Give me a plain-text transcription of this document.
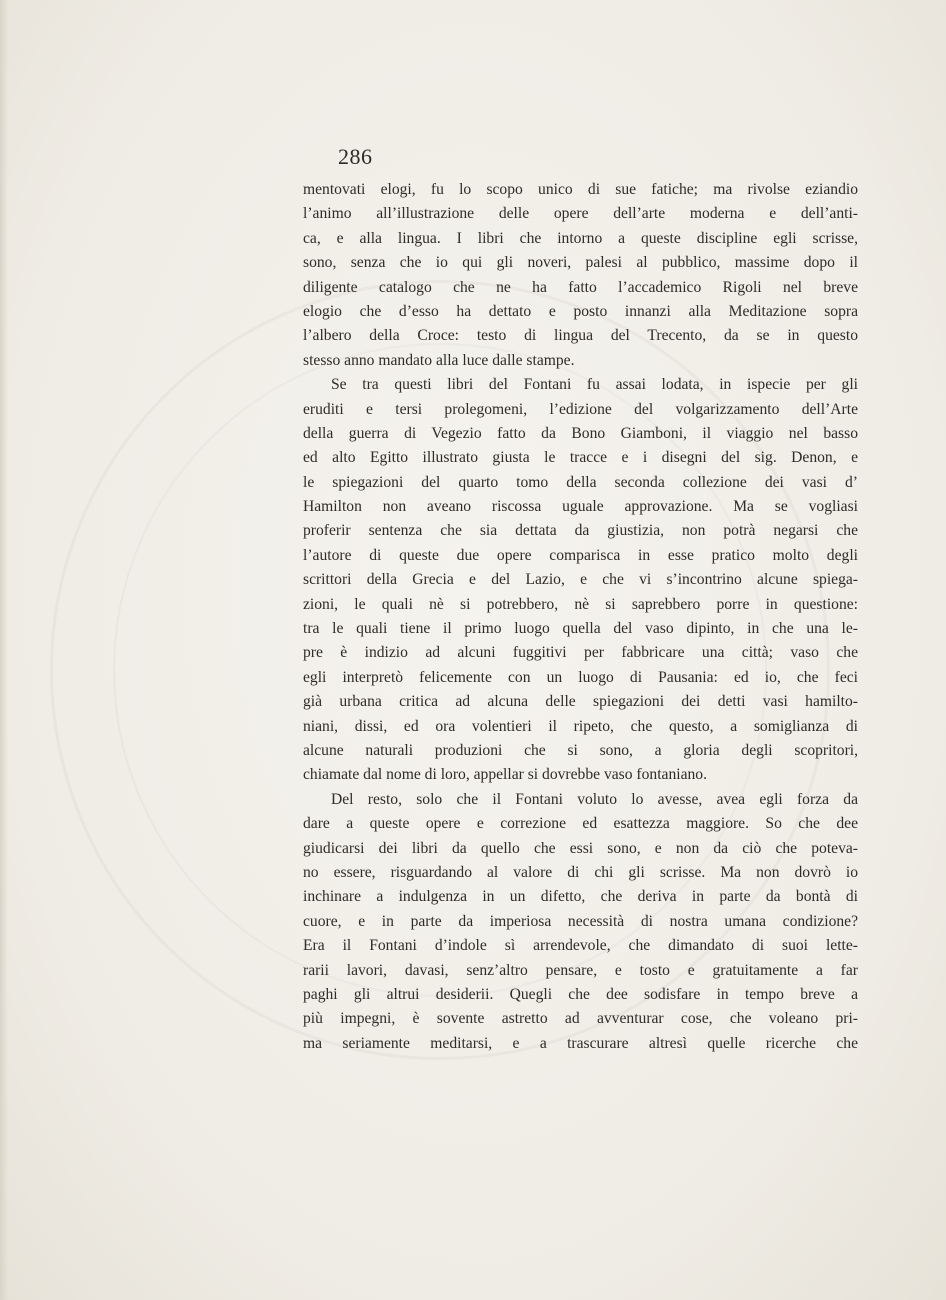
286
mentovati elogi, fu lo scopo unico di sue fatiche; ma rivolse eziandio
l’animo all’illustrazione delle opere dell’arte moderna e dell’anti-
ca, e alla lingua. I libri che intorno a queste discipline egli scrisse,
sono, senza che io qui gli noveri, palesi al pubblico, massime dopo il
diligente catalogo che ne ha fatto l’accademico Rigoli nel breve
elogio che d’esso ha dettato e posto innanzi alla Meditazione sopra
l’albero della Croce: testo di lingua del Trecento, da se in questo
stesso anno mandato alla luce dalle stampe.
Se tra questi libri del Fontani fu assai lodata, in ispecie per gli
eruditi e tersi prolegomeni, l’edizione del volgarizzamento dell’Arte
della guerra di Vegezio fatto da Bono Giamboni, il viaggio nel basso
ed alto Egitto illustrato giusta le tracce e i disegni del sig. Denon, e
le spiegazioni del quarto tomo della seconda collezione dei vasi d’
Hamilton non aveano riscossa uguale approvazione. Ma se vogliasi
proferir sentenza che sia dettata da giustizia, non potrà negarsi che
l’autore di queste due opere comparisca in esse pratico molto degli
scrittori della Grecia e del Lazio, e che vi s’incontrino alcune spiega-
zioni, le quali nè si potrebbero, nè si saprebbero porre in questione:
tra le quali tiene il primo luogo quella del vaso dipinto, in che una le-
pre è indizio ad alcuni fuggitivi per fabbricare una città; vaso che
egli interpretò felicemente con un luogo di Pausania: ed io, che feci
già urbana critica ad alcuna delle spiegazioni dei detti vasi hamilto-
niani, dissi, ed ora volentieri il ripeto, che questo, a somiglianza di
alcune naturali produzioni che si sono, a gloria degli scopritori,
chiamate dal nome di loro, appellar si dovrebbe vaso fontaniano.
Del resto, solo che il Fontani voluto lo avesse, avea egli forza da
dare a queste opere e correzione ed esattezza maggiore. So che dee
giudicarsi dei libri da quello che essi sono, e non da ciò che poteva-
no essere, risguardando al valore di chi gli scrisse. Ma non dovrò io
inchinare a indulgenza in un difetto, che deriva in parte da bontà di
cuore, e in parte da imperiosa necessità di nostra umana condizione?
Era il Fontani d’indole sì arrendevole, che dimandato di suoi lette-
rarii lavori, davasi, senz’altro pensare, e tosto e gratuitamente a far
paghi gli altrui desiderii. Quegli che dee sodisfare in tempo breve a
più impegni, è sovente astretto ad avventurar cose, che voleano pri-
ma seriamente meditarsi, e a trascurare altresì quelle ricerche che
